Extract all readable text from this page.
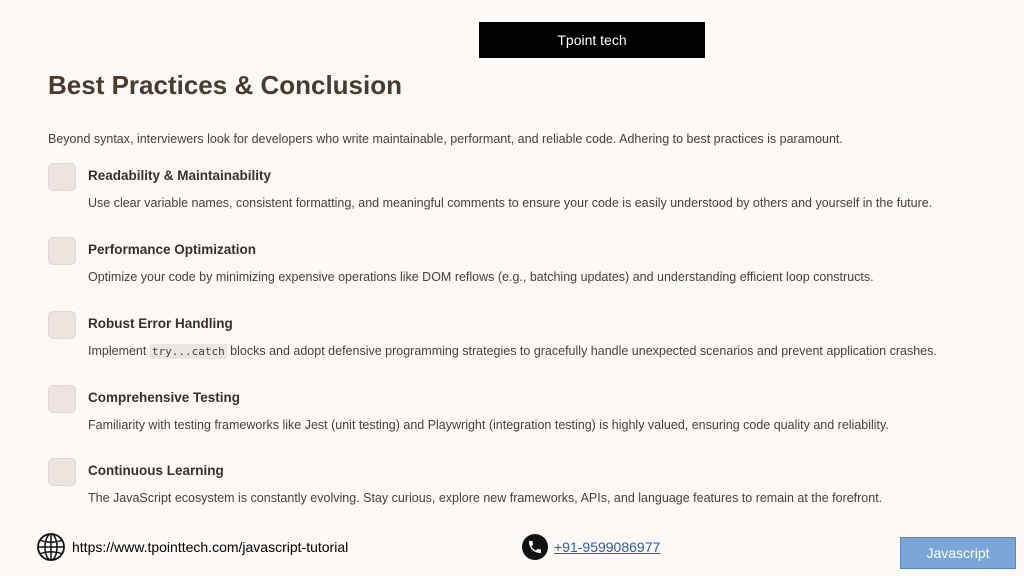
Tpoint tech
Best Practices & Conclusion

Beyond syntax, interviewers look for developers who write maintainable, performant, and reliable code. Adhering to best practices is paramount.

Readability & Maintainability
Use clear variable names, consistent formatting, and meaningful comments to ensure your code is easily understood by others and yourself in the future.
Performance Optimization
Optimize your code by minimizing expensive operations like DOM reflows (e.g., batching updates) and understanding efficient loop constructs.
Robust Error Handling
Implement try...catch blocks and adopt defensive programming strategies to gracefully handle unexpected scenarios and prevent application crashes.
Comprehensive Testing
Familiarity with testing frameworks like Jest (unit testing) and Playwright (integration testing) is highly valued, ensuring code quality and reliability.
Continuous Learning
The JavaScript ecosystem is constantly evolving. Stay curious, explore new frameworks, APIs, and language features to remain at the forefront.
https://www.tpointtech.com/javascript-tutorial	+91-9599086977	Javascript
